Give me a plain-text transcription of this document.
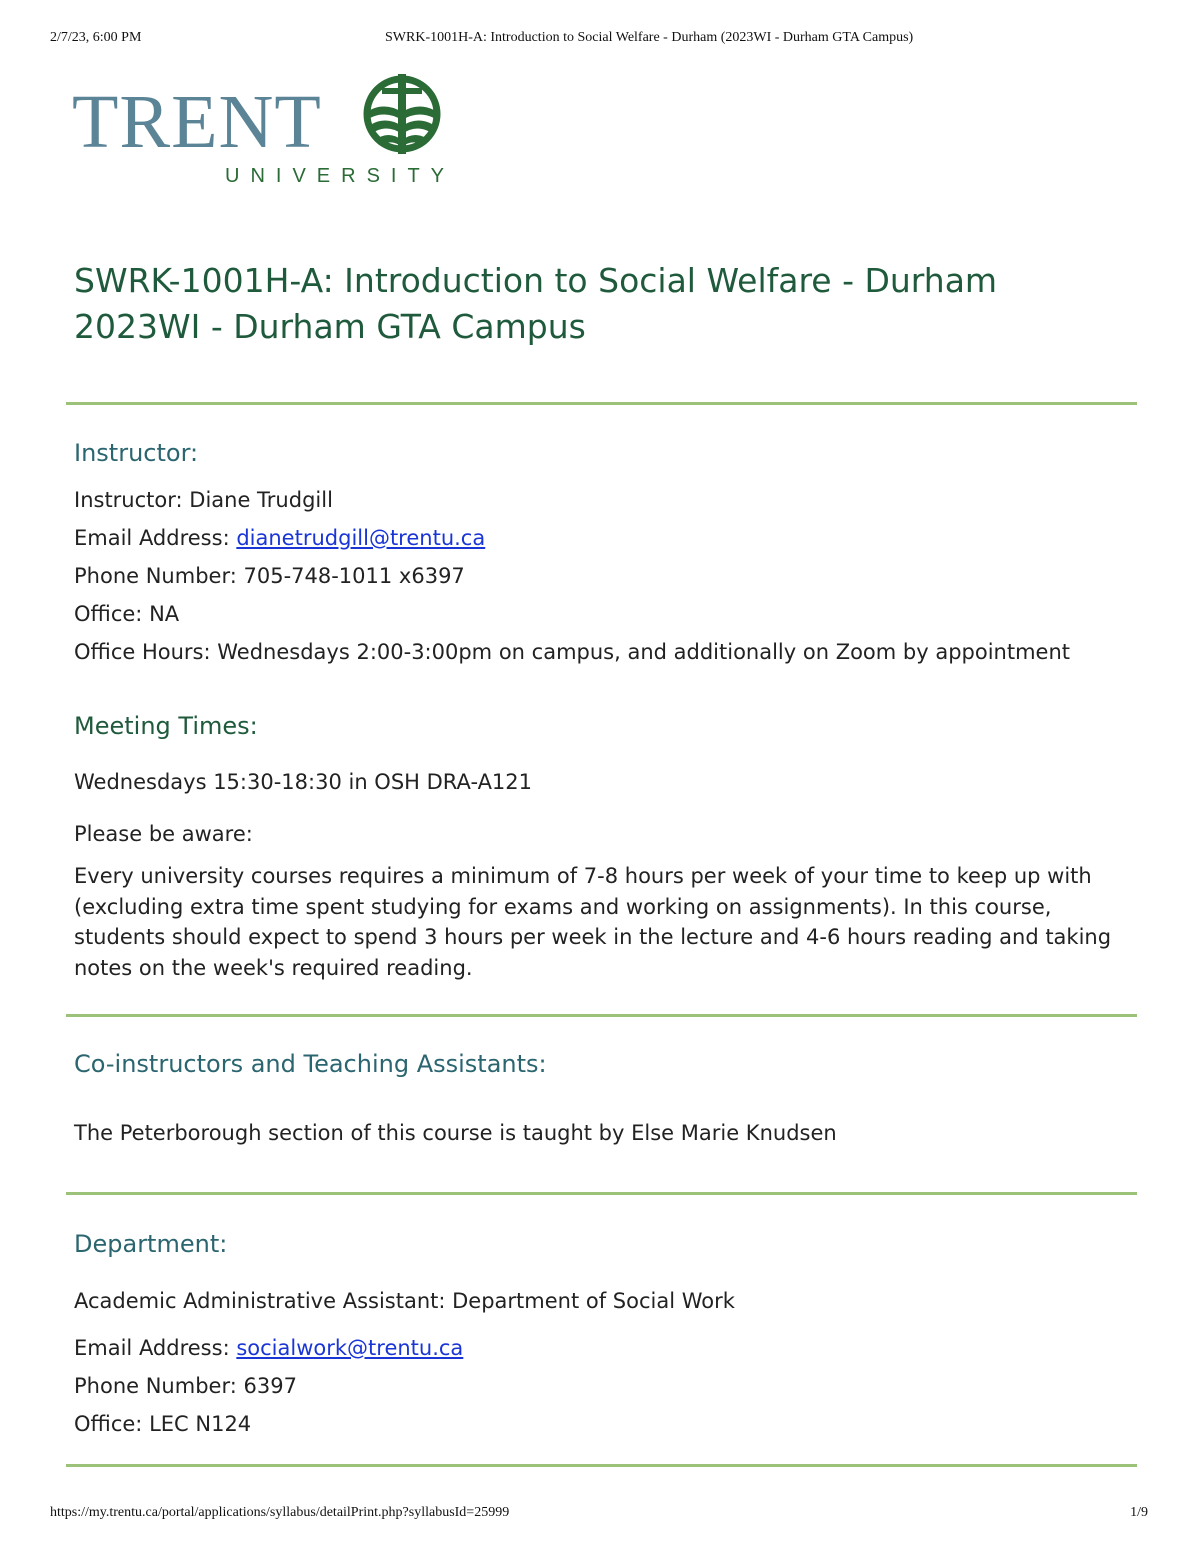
2/7/23, 6:00 PM	SWRK-1001H-A: Introduction to Social Welfare - Durham (2023WI - Durham GTA Campus)
TRENT
UNIVERSITY
SWRK-1001H-A: Introduction to Social Welfare - Durham
2023WI - Durham GTA Campus
Instructor:
Instructor: Diane Trudgill
Email Address: dianetrudgill@trentu.ca
Phone Number: 705-748-1011 x6397
Office: NA
Office Hours: Wednesdays 2:00-3:00pm on campus, and additionally on Zoom by appointment
Meeting Times:
Wednesdays 15:30-18:30 in OSH DRA-A121
Please be aware:

Every university courses requires a minimum of 7-8 hours per week of your time to keep up with (excluding extra time spent studying for exams and working on assignments). In this course, students should expect to spend 3 hours per week in the lecture and 4-6 hours reading and taking notes on the week's required reading.

Co-instructors and Teaching Assistants:
The Peterborough section of this course is taught by Else Marie Knudsen
Department:
Academic Administrative Assistant: Department of Social Work
Email Address: socialwork@trentu.ca
Phone Number: 6397
Office: LEC N124
https://my.trentu.ca/portal/applications/syllabus/detailPrint.php?syllabusId=25999	1/9
